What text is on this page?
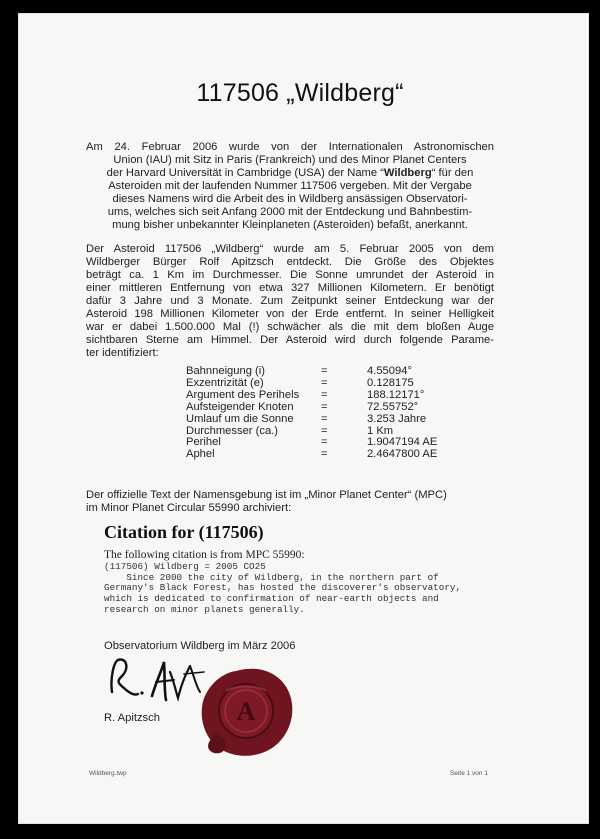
117506 „Wildberg“
Am 24. Februar 2006 wurde von der Internationalen Astronomischen
Union (IAU) mit Sitz in Paris (Frankreich) und des Minor Planet Centers
der Harvard Universität in Cambridge (USA) der Name “Wildberg“ für den
Asteroiden mit der laufenden Nummer 117506 vergeben. Mit der Vergabe
dieses Namens wird die Arbeit des in Wildberg ansässigen Observatori-
ums, welches sich seit Anfang 2000 mit der Entdeckung und Bahnbestim-
mung bisher unbekannter Kleinplaneten (Asteroiden) befaßt, anerkannt.
Der Asteroid 117506 „Wildberg“ wurde am 5. Februar 2005 von dem
Wildberger Bürger Rolf Apitzsch entdeckt. Die Größe des Objektes
beträgt ca. 1 Km im Durchmesser. Die Sonne umrundet der Asteroid in
einer mittleren Entfernung von etwa 327 Millionen Kilometern. Er benötigt
dafür 3 Jahre und 3 Monate. Zum Zeitpunkt seiner Entdeckung war der
Asteroid 198 Millionen Kilometer von der Erde entfernt. In seiner Helligkeit
war er dabei 1.500.000 Mal (!) schwächer als die mit dem bloßen Auge
sichtbaren Sterne am Himmel. Der Asteroid wird durch folgende Parame-
ter identifiziert:
Bahnneigung (i)	=	4.55094°
Exzentrizität (e)	=	0.128175
Argument des Perihels	=	188.12171°
Aufsteigender Knoten	=	72.55752°
Umlauf um die Sonne	=	3.253 Jahre
Durchmesser (ca.)	=	1 Km
Perihel	=	1.9047194 AE
Aphel	=	2.4647800 AE
Der offizielle Text der Namensgebung ist im „Minor Planet Center“ (MPC)
im Minor Planet Circular 55990 archiviert:
Citation for (117506)
The following citation is from MPC 55990:
(117506) Wildberg = 2005 CO25
Since 2000 the city of Wildberg, in the northern part of
Germany's Black Forest, has hosted the discoverer's observatory,
which is dedicated to confirmation of near-earth objects and
research on minor planets generally.
Observatorium Wildberg im März 2006
A
R. Apitzsch
Wildberg.twp	Seite 1 von 1
